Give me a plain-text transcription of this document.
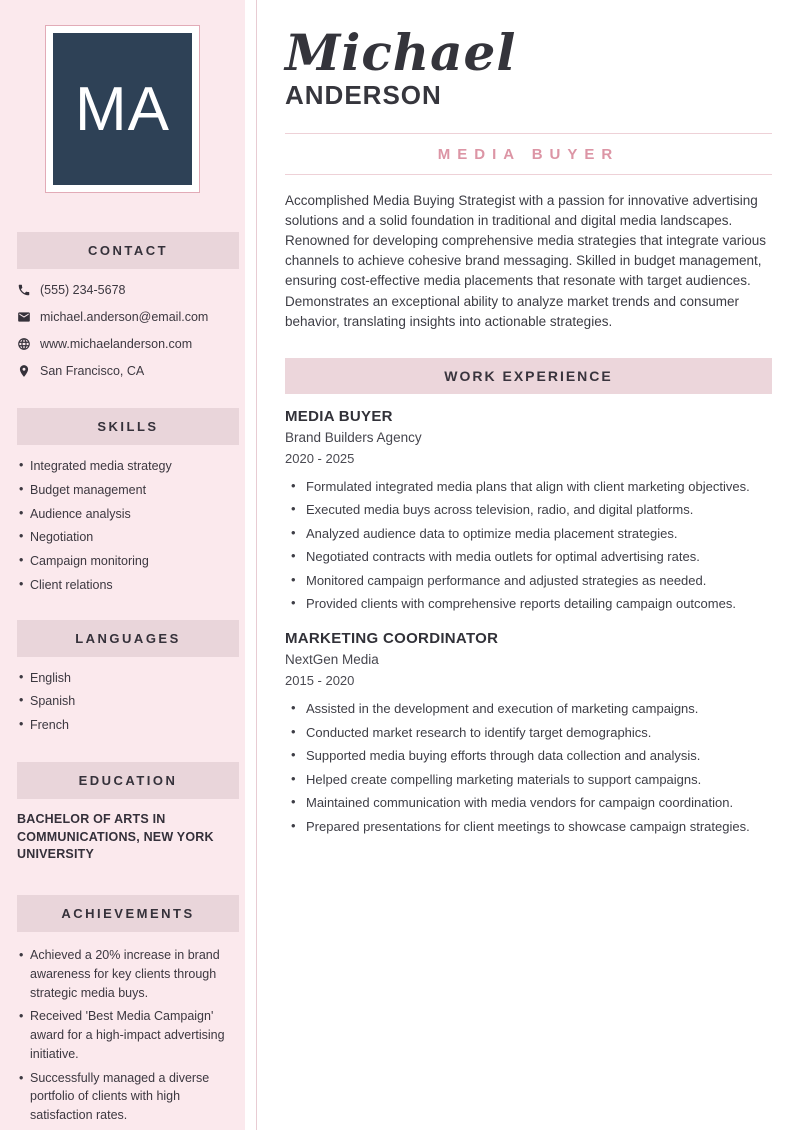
MA
CONTACT
(555) 234-5678
michael.anderson@email.com
www.michaelanderson.com
San Francisco, CA
SKILLS
• Integrated media strategy
• Budget management
• Audience analysis
• Negotiation
• Campaign monitoring
• Client relations
LANGUAGES
• English
• Spanish
• French
EDUCATION
BACHELOR OF ARTS IN COMMUNICATIONS, NEW YORK UNIVERSITY
ACHIEVEMENTS
• Achieved a 20% increase in brand awareness for key clients through strategic media buys.
• Received 'Best Media Campaign' award for a high-impact advertising initiative.
• Successfully managed a diverse portfolio of clients with high satisfaction rates.
Michael
ANDERSON
MEDIA BUYER

Accomplished Media Buying Strategist with a passion for innovative advertising solutions and a solid foundation in traditional and digital media landscapes. Renowned for developing comprehensive media strategies that integrate various channels to achieve cohesive brand messaging. Skilled in budget management, ensuring cost-effective media placements that resonate with target audiences. Demonstrates an exceptional ability to analyze market trends and consumer behavior, translating insights into actionable strategies.

WORK EXPERIENCE
MEDIA BUYER
Brand Builders Agency
2020 - 2025
• Formulated integrated media plans that align with client marketing objectives.
• Executed media buys across television, radio, and digital platforms.
• Analyzed audience data to optimize media placement strategies.
• Negotiated contracts with media outlets for optimal advertising rates.
• Monitored campaign performance and adjusted strategies as needed.
• Provided clients with comprehensive reports detailing campaign outcomes.
MARKETING COORDINATOR
NextGen Media
2015 - 2020
• Assisted in the development and execution of marketing campaigns.
• Conducted market research to identify target demographics.
• Supported media buying efforts through data collection and analysis.
• Helped create compelling marketing materials to support campaigns.
• Maintained communication with media vendors for campaign coordination.
• Prepared presentations for client meetings to showcase campaign strategies.
